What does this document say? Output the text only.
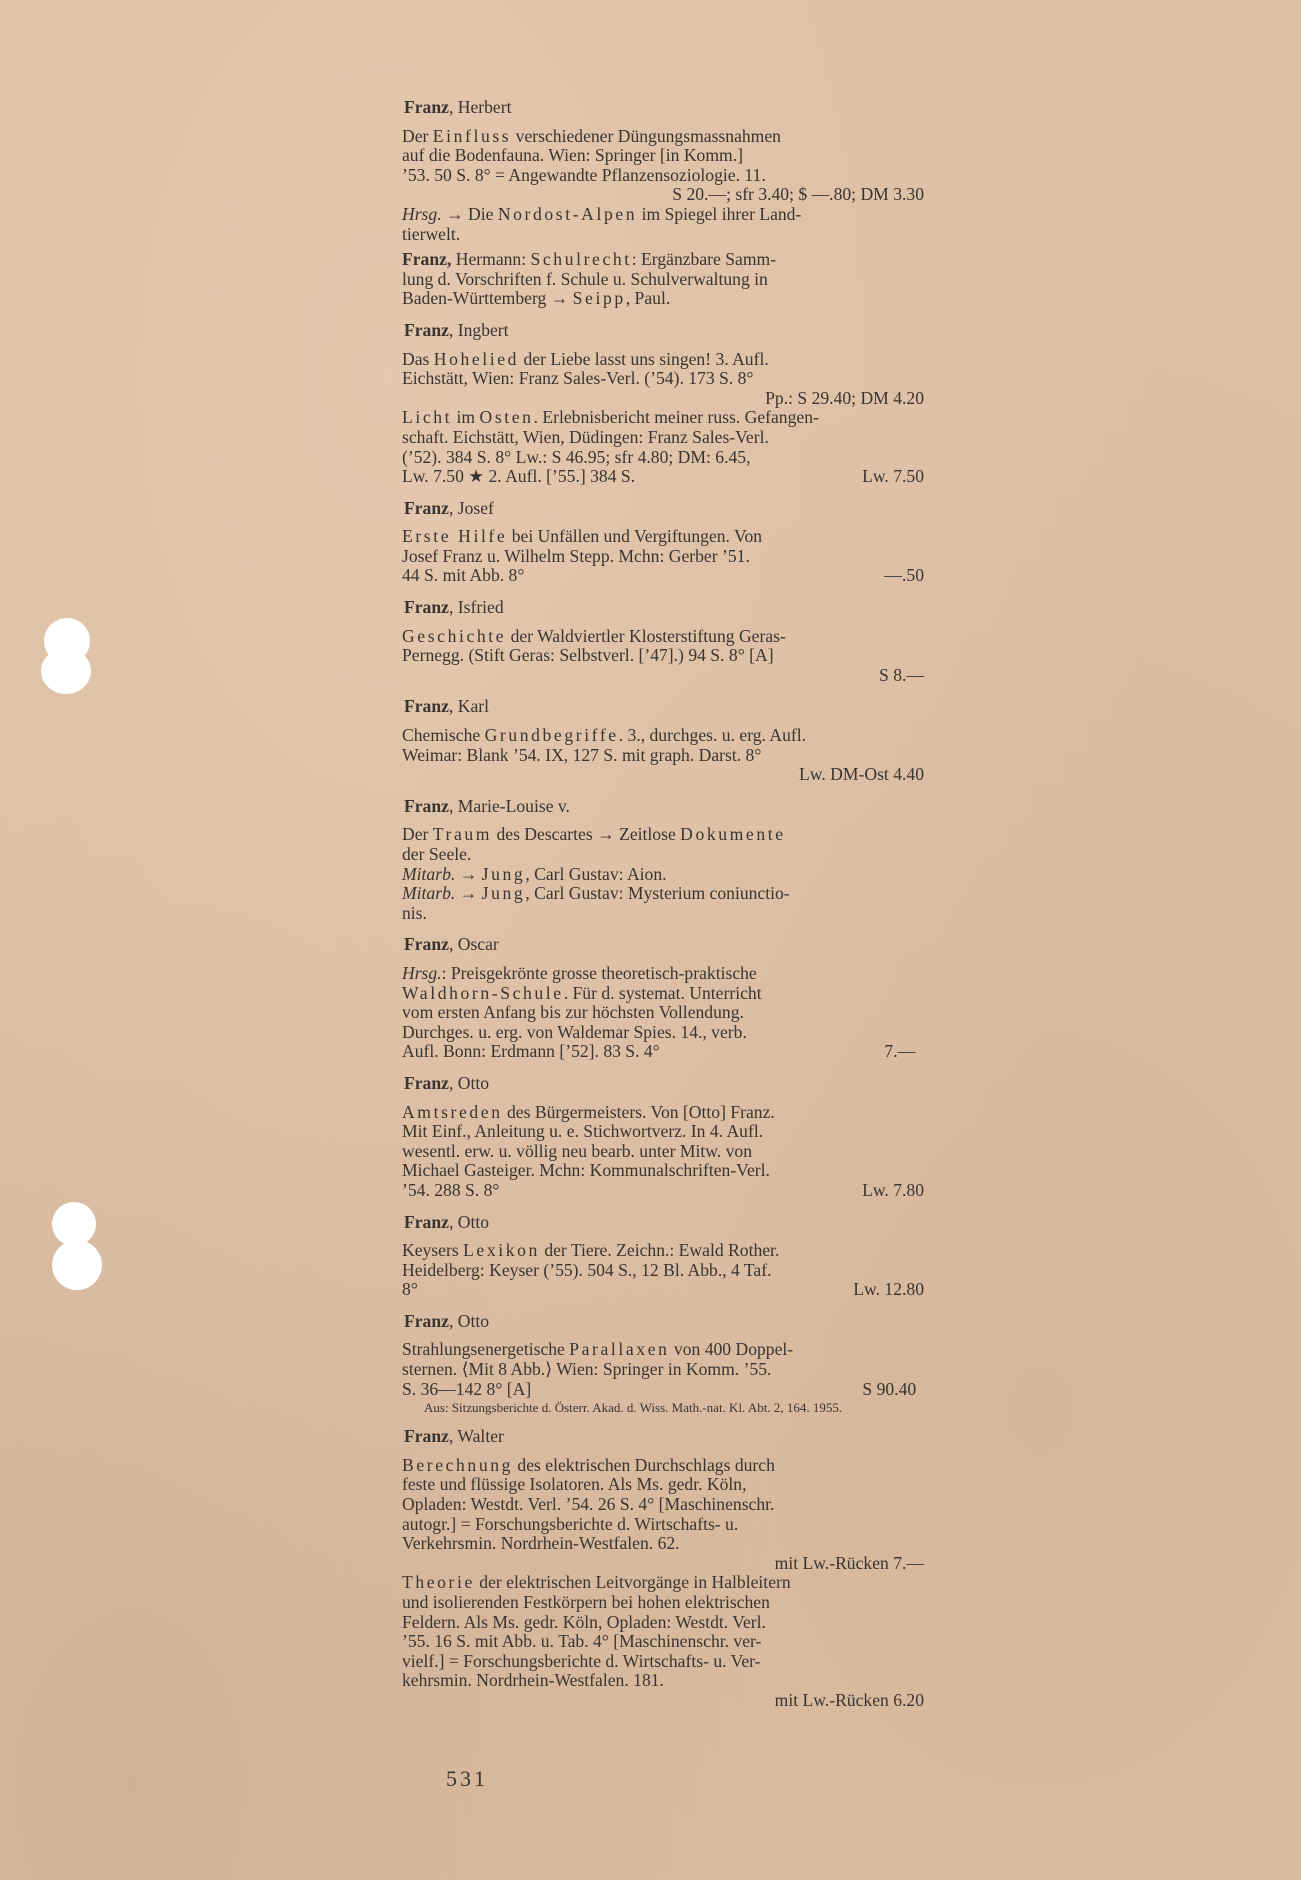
Franz, Herbert
Der Einfluss verschiedener Düngungsmassnahmen
auf die Bodenfauna. Wien: Springer [in Komm.]
’53. 50 S. 8° = Angewandte Pflanzensoziologie. 11.
S 20.—; sfr 3.40; $ —.80; DM 3.30
Hrsg. → Die Nordost-Alpen im Spiegel ihrer Land-
tierwelt.
Franz, Hermann: Schulrecht: Ergänzbare Samm-
lung d. Vorschriften f. Schule u. Schulverwaltung in
Baden-Württemberg → Seipp, Paul.
Franz, Ingbert
Das Hohelied der Liebe lasst uns singen! 3. Aufl.
Eichstätt, Wien: Franz Sales-Verl. (’54). 173 S. 8°
Pp.: S 29.40; DM 4.20
Licht im Osten. Erlebnisbericht meiner russ. Gefangen-
schaft. Eichstätt, Wien, Düdingen: Franz Sales-Verl.
(’52). 384 S. 8° Lw.: S 46.95; sfr 4.80; DM: 6.45,
Lw. 7.50 ★ 2. Aufl. [’55.] 384 S.	Lw. 7.50
Franz, Josef
Erste Hilfe bei Unfällen und Vergiftungen. Von
Josef Franz u. Wilhelm Stepp. Mchn: Gerber ’51.
44 S. mit Abb. 8°	—.50
Franz, Isfried
Geschichte der Waldviertler Klosterstiftung Geras-
Pernegg. (Stift Geras: Selbstverl. [’47].) 94 S. 8° [A]
S 8.—
Franz, Karl
Chemische Grundbegriffe. 3., durchges. u. erg. Aufl.
Weimar: Blank ’54. IX, 127 S. mit graph. Darst. 8°
Lw. DM-Ost 4.40
Franz, Marie-Louise v.
Der Traum des Descartes → Zeitlose Dokumente
der Seele.
Mitarb. → Jung, Carl Gustav: Aion.
Mitarb. → Jung, Carl Gustav: Mysterium coniunctio-
nis.
Franz, Oscar
Hrsg.: Preisgekrönte grosse theoretisch-praktische
Waldhorn-Schule. Für d. systemat. Unterricht
vom ersten Anfang bis zur höchsten Vollendung.
Durchges. u. erg. von Waldemar Spies. 14., verb.
Aufl. Bonn: Erdmann [’52]. 83 S. 4°	7.—
Franz, Otto
Amtsreden des Bürgermeisters. Von [Otto] Franz.
Mit Einf., Anleitung u. e. Stichwortverz. In 4. Aufl.
wesentl. erw. u. völlig neu bearb. unter Mitw. von
Michael Gasteiger. Mchn: Kommunalschriften-Verl.
’54. 288 S. 8°	Lw. 7.80
Franz, Otto
Keysers Lexikon der Tiere. Zeichn.: Ewald Rother.
Heidelberg: Keyser (’55). 504 S., 12 Bl. Abb., 4 Taf.
8°	Lw. 12.80
Franz, Otto
Strahlungsenergetische Parallaxen von 400 Doppel-
sternen. ⟨Mit 8 Abb.⟩ Wien: Springer in Komm. ’55.
S. 36—142 8° [A]	S 90.40
Aus: Sitzungsberichte d. Österr. Akad. d. Wiss. Math.-nat. Kl. Abt. 2, 164. 1955.
Franz, Walter
Berechnung des elektrischen Durchschlags durch
feste und flüssige Isolatoren. Als Ms. gedr. Köln,
Opladen: Westdt. Verl. ’54. 26 S. 4° [Maschinenschr.
autogr.] = Forschungsberichte d. Wirtschafts- u.
Verkehrsmin. Nordrhein-Westfalen. 62.
mit Lw.-Rücken 7.—
Theorie der elektrischen Leitvorgänge in Halbleitern
und isolierenden Festkörpern bei hohen elektrischen
Feldern. Als Ms. gedr. Köln, Opladen: Westdt. Verl.
’55. 16 S. mit Abb. u. Tab. 4° [Maschinenschr. ver-
vielf.] = Forschungsberichte d. Wirtschafts- u. Ver-
kehrsmin. Nordrhein-Westfalen. 181.
mit Lw.-Rücken 6.20
531
